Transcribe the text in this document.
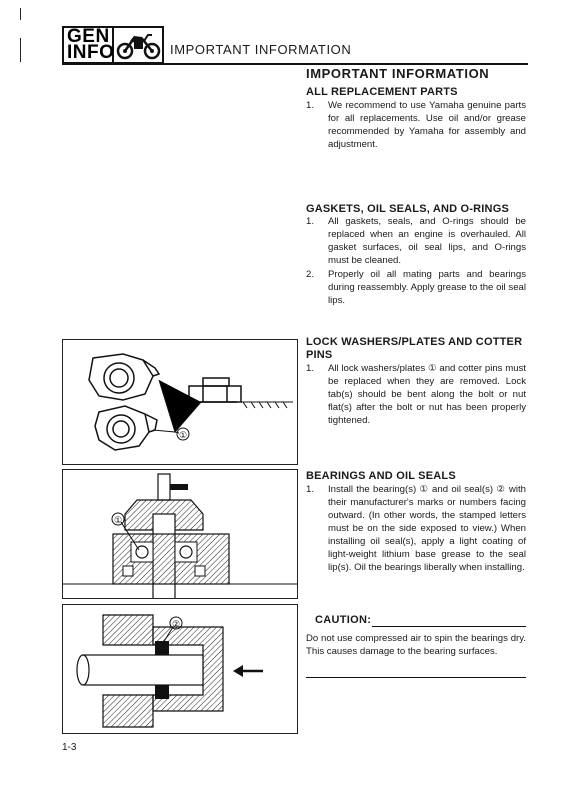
GEN
INFO	IMPORTANT INFORMATION
IMPORTANT INFORMATION
ALL REPLACEMENT PARTS
1. We recommend to use Yamaha genuine parts for all replacements. Use oil and/or grease recommended by Yamaha for assembly and adjustment.
GASKETS, OIL SEALS, AND O-RINGS
1. All gaskets, seals, and O-rings should be replaced when an engine is overhauled. All gasket surfaces, oil seal lips, and O-rings must be cleaned.
2. Properly oil all mating parts and bearings during reassembly. Apply grease to the oil seal lips.
LOCK WASHERS/PLATES AND COTTER
PINS
1. All lock washers/plates ① and cotter pins must be replaced when they are removed. Lock tab(s) should be bent along the bolt or nut flat(s) after the bolt or nut has been properly tightened.
BEARINGS AND OIL SEALS
1. Install the bearing(s) ① and oil seal(s) ② with their manufacturer's marks or numbers facing outward. (In other words, the stamped letters must be on the side exposed to view.) When installing oil seal(s), apply a light coating of light-weight lithium base grease to the seal lip(s). Oil the bearings liberally when installing.
CAUTION:
Do not use compressed air to spin the bearings dry. This causes damage to the bearing surfaces.
①
①
②
1-3
